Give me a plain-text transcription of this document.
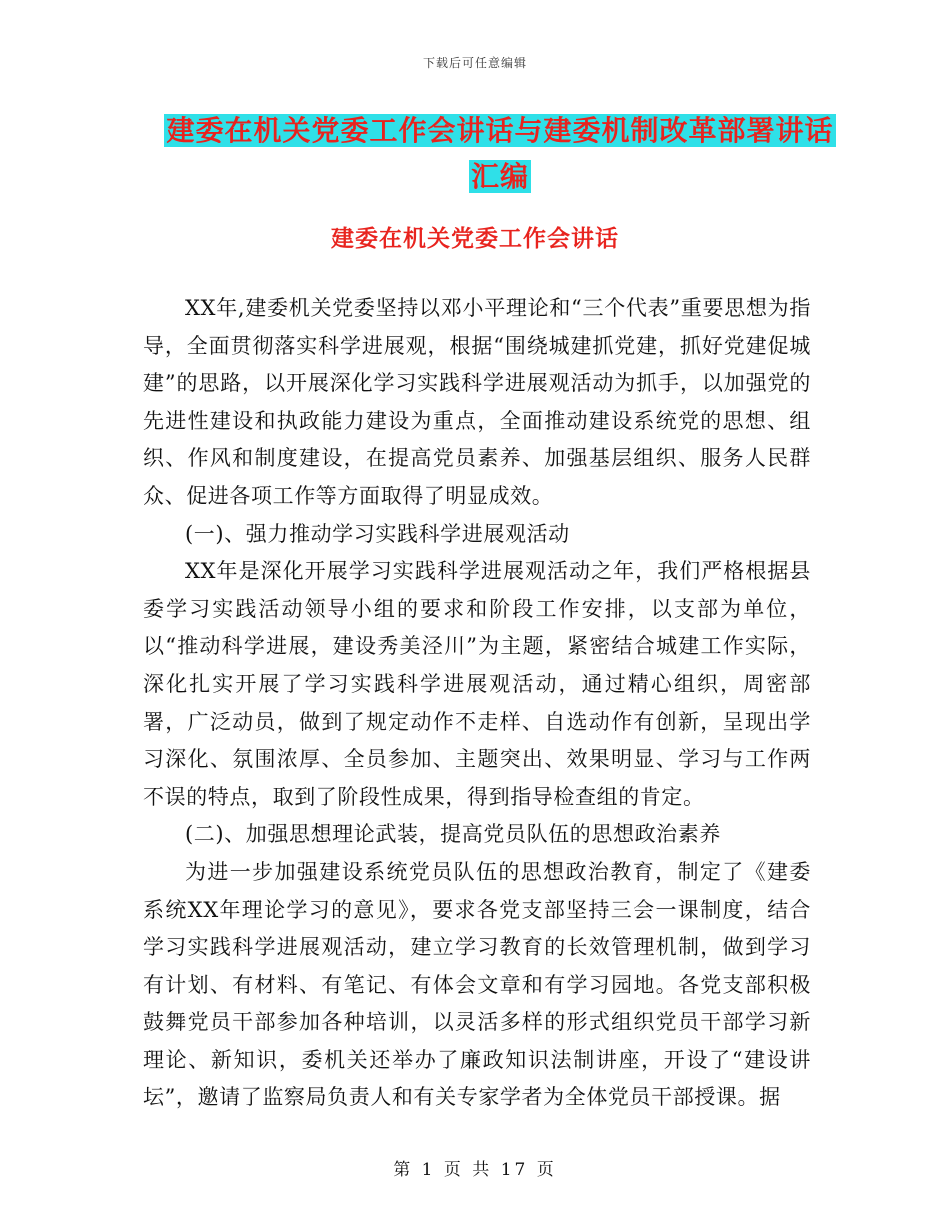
下载后可任意编辑
建委在机关党委工作会讲话与建委机制改革部署讲话
汇编
建委在机关党委工作会讲话

XX年,建委机关党委坚持以邓小平理论和“三个代表”重要思想为指导，全面贯彻落实科学进展观，根据“围绕城建抓党建，抓好党建促城建”的思路，以开展深化学习实践科学进展观活动为抓手，以加强党的先进性建设和执政能力建设为重点，全面推动建设系统党的思想、组织、作风和制度建设，在提高党员素养、加强基层组织、服务人民群众、促进各项工作等方面取得了明显成效。

(一)、强力推动学习实践科学进展观活动

XX年是深化开展学习实践科学进展观活动之年，我们严格根据县委学习实践活动领导小组的要求和阶段工作安排，以支部为单位，以“推动科学进展，建设秀美泾川”为主题，紧密结合城建工作实际，深化扎实开展了学习实践科学进展观活动，通过精心组织，周密部署，广泛动员，做到了规定动作不走样、自选动作有创新，呈现出学习深化、氛围浓厚、全员参加、主题突出、效果明显、学习与工作两不误的特点，取到了阶段性成果，得到指导检查组的肯定。

(二)、加强思想理论武装，提高党员队伍的思想政治素养

为进一步加强建设系统党员队伍的思想政治教育，制定了《建委系统XX年理论学习的意见》，要求各党支部坚持三会一课制度，结合学习实践科学进展观活动，建立学习教育的长效管理机制，做到学习有计划、有材料、有笔记、有体会文章和有学习园地。各党支部积极鼓舞党员干部参加各种培训，以灵活多样的形式组织党员干部学习新理论、新知识，委机关还举办了廉政知识法制讲座，开设了“建设讲坛”，邀请了监察局负责人和有关专家学者为全体党员干部授课。据

第 1 页 共 17 页
